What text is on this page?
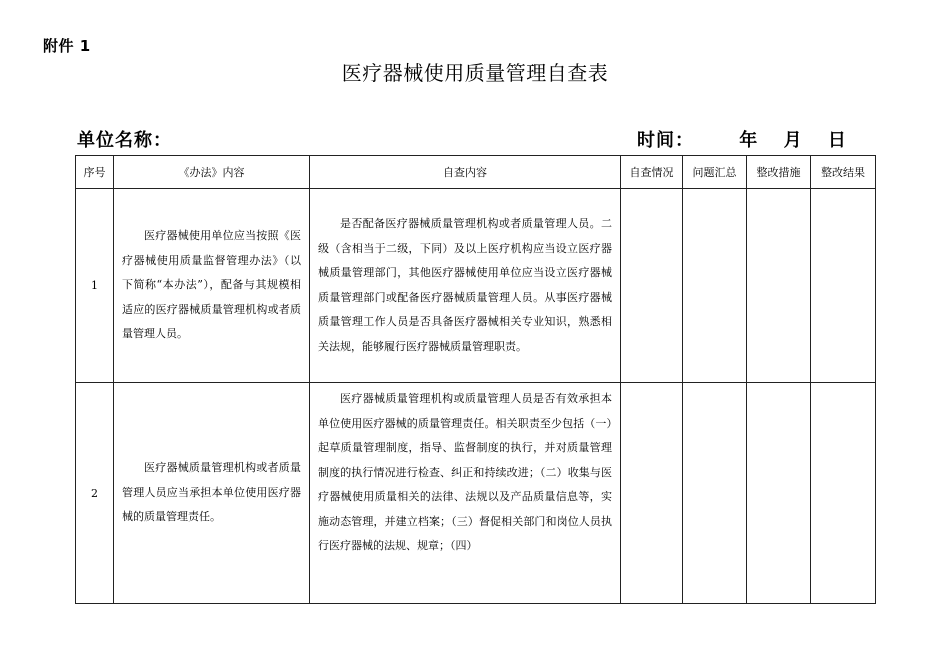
附件 1
医疗器械使用质量管理自查表
单位名称：	时间：	年 月 日
序号	《办法》内容	自查内容	自查情况	问题汇总	整改措施	整改结果
1	医疗器械使用单位应当按照《医疗器械使用质量监督管理办法》（以下简称“本办法”），配备与其规模相适应的医疗器械质量管理机构或者质量管理人员。	是否配备医疗器械质量管理机构或者质量管理人员。二级（含相当于二级，下同）及以上医疗机构应当设立医疗器械质量管理部门，其他医疗器械使用单位应当设立医疗器械质量管理部门或配备医疗器械质量管理人员。从事医疗器械质量管理工作人员是否具备医疗器械相关专业知识，熟悉相关法规，能够履行医疗器械质量管理职责。				

2	医疗器械质量管理机构或者质量管理人员应当承担本单位使用医疗器械的质量管理责任。	医疗器械质量管理机构或质量管理人员是否有效承担本单位使用医疗器械的质量管理责任。相关职责至少包括（一）起草质量管理制度，指导、监督制度的执行，并对质量管理制度的执行情况进行检查、纠正和持续改进；（二）收集与医疗器械使用质量相关的法律、法规以及产品质量信息等，实施动态管理，并建立档案；（三）督促相关部门和岗位人员执行医疗器械的法规、规章；（四）				
